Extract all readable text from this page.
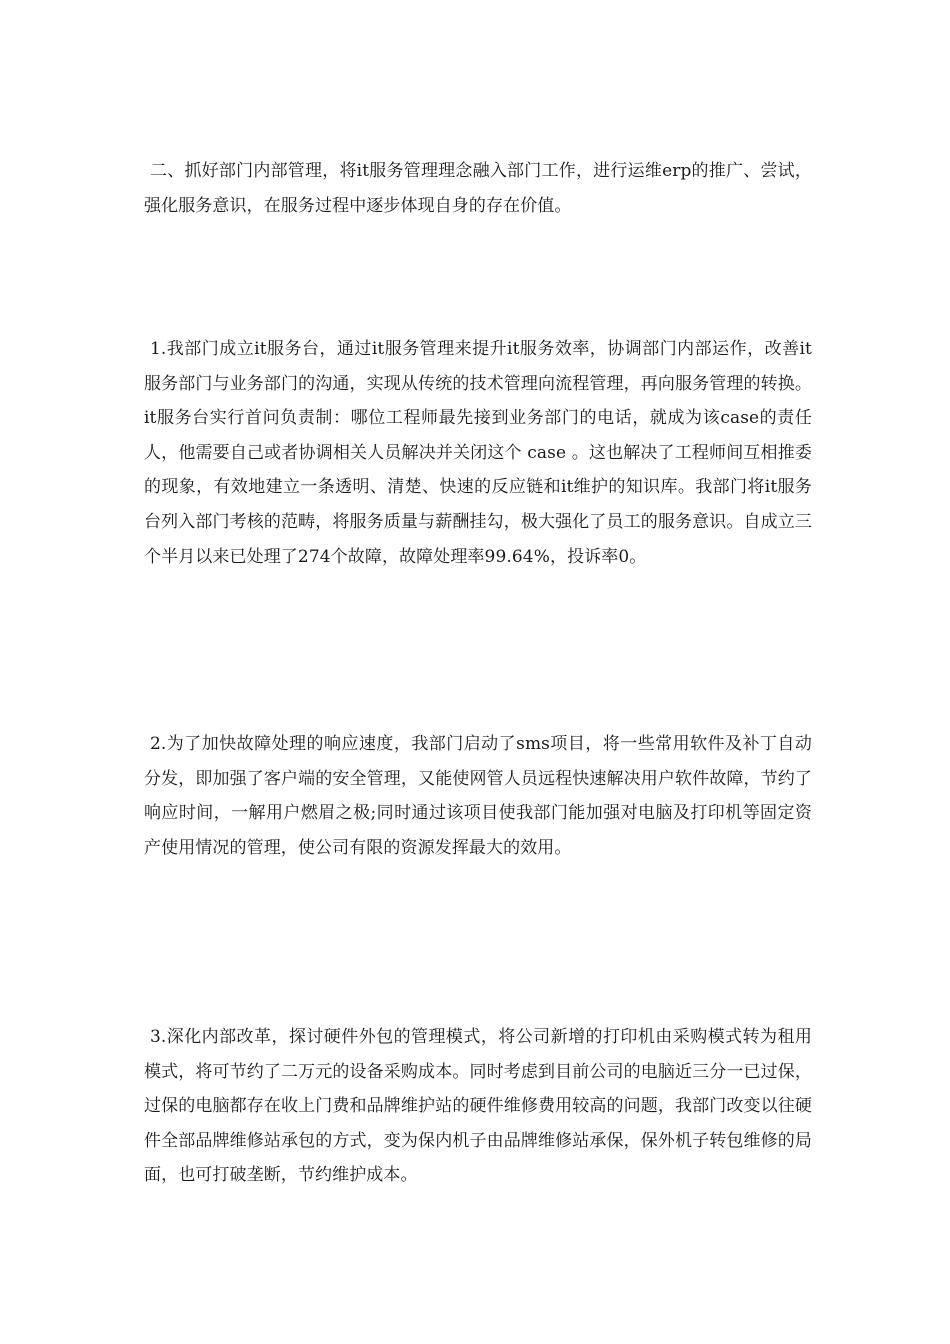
二、抓好部门内部管理，将it服务管理理念融入部门工作，进行运维erp的推广、尝试，强化服务意识，在服务过程中逐步体现自身的存在价值。

1.我部门成立it服务台，通过it服务管理来提升it服务效率，协调部门内部运作，改善it服务部门与业务部门的沟通，实现从传统的技术管理向流程管理，再向服务管理的转换。it服务台实行首问负责制：哪位工程师最先接到业务部门的电话，就成为该case的责任人，他需要自己或者协调相关人员解决并关闭这个 case 。这也解决了工程师间互相推委的现象，有效地建立一条透明、清楚、快速的反应链和it维护的知识库。我部门将it服务台列入部门考核的范畴，将服务质量与薪酬挂勾，极大强化了员工的服务意识。自成立三个半月以来已处理了274个故障，故障处理率99.64%，投诉率0。

2.为了加快故障处理的响应速度，我部门启动了sms项目，将一些常用软件及补丁自动分发，即加强了客户端的安全管理，又能使网管人员远程快速解决用户软件故障，节约了响应时间，一解用户燃眉之极;同时通过该项目使我部门能加强对电脑及打印机等固定资产使用情况的管理，使公司有限的资源发挥最大的效用。

3.深化内部改革，探讨硬件外包的管理模式，将公司新增的打印机由采购模式转为租用模式，将可节约了二万元的设备采购成本。同时考虑到目前公司的电脑近三分一已过保，过保的电脑都存在收上门费和品牌维护站的硬件维修费用较高的问题，我部门改变以往硬件全部品牌维修站承包的方式，变为保内机子由品牌维修站承保，保外机子转包维修的局面，也可打破垄断，节约维护成本。
